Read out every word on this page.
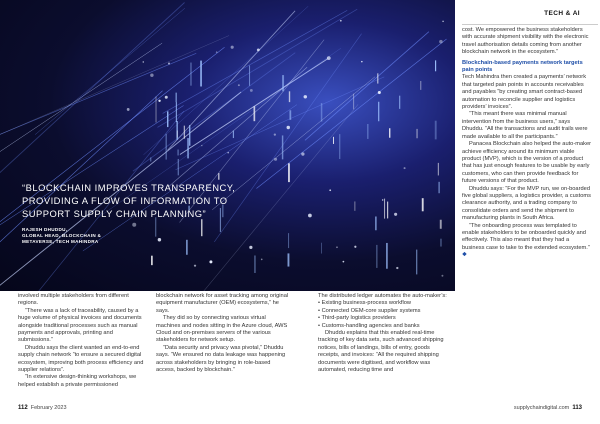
“BLOCKCHAIN IMPROVES TRANSPARENCY, PROVIDING A FLOW OF INFORMATION TO SUPPORT SUPPLY CHAIN PLANNING”

RAJESH DHUDDU,
GLOBAL HEAD, BLOCKCHAIN &
METAVERSE, TECH MAHINDRA
TECH & AI

involved multiple stakeholders from different regions.

“There was a lack of traceability, caused by a huge volume of physical invoices and documents alongside traditional processes such as manual payments and approvals, printing and submissions.”

Dhuddu says the client wanted an end-to-end supply chain network “to ensure a secured digital ecosystem, improving both process efficiency and supplier relations”.

“In extensive design-thinking workshops, we helped establish a private permissioned

blockchain network for asset tracking among original equipment manufacturer (OEM) ecosystems,” he says.

They did so by connecting various virtual machines and nodes sitting in the Azure cloud, AWS Cloud and on-premises servers of the various stakeholders for network setup.

“Data security and privacy was pivotal,” Dhuddu says. “We ensured no data leakage was happening across stakeholders by bringing in role-based access, backed by blockchain.”

The distributed ledger automates the auto-maker’s:

• Existing business-process workflow
• Connected OEM-core supplier systems
• Third-party logistics providers
• Customs-handling agencies and banks

Dhuddu explains that this enabled real-time tracking of key data sets, such advanced shipping notices, bills of landings, bills of entry, goods receipts, and invoices: “All the required shipping documents were digitised, and workflow was automated, reducing time and

cost. We empowered the business stakeholders with accurate shipment visibility with the electronic travel authorisation details coming from another blockchain network in the ecosystem.”

Blockchain-based payments network targets pain points

Tech Mahindra then created a payments’ network that targeted pain points in accounts receivables and payables “by creating smart contract-based automation to reconcile supplier and logistics providers’ invoices”.

“This meant there was minimal manual intervention from the business users,” says Dhuddu. “All the transactions and audit trails were made available to all the participants.”

Panacea Blockchain also helped the auto-maker achieve efficiency around its minimum viable product (MVP), which is the version of a product that has just enough features to be usable by early customers, who can then provide feedback for future versions of that product.

Dhuddu says: “For the MVP run, we on-boarded five global suppliers, a logistics provider, a customs clearance authority, and a trading company to consolidate orders and send the shipment to manufacturing plants in South Africa.

“The onboarding process was templated to enable stakeholders to be onboarded quickly and effectively. This also meant that they had a business case to take to the extended ecosystem.” ❖

112 February 2023	supplychaindigital.com 113
